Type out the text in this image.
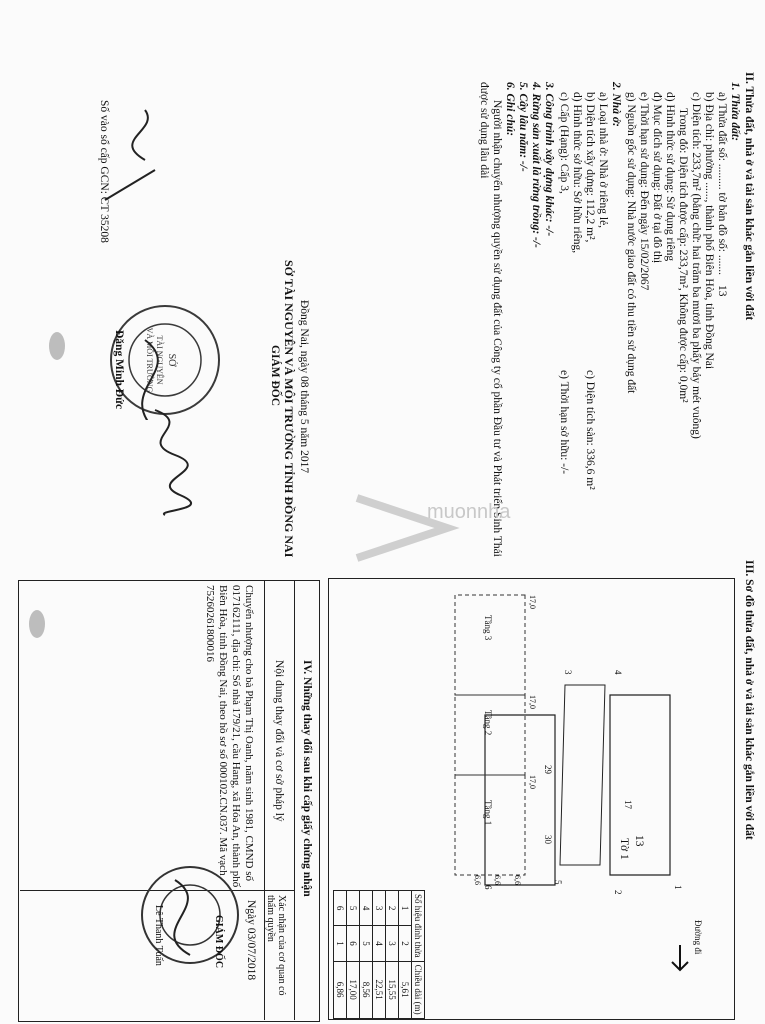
II. Thửa đất, nhà ở và tài sản khác gắn liền với đất
1. Thửa đất:
a) Thửa đất số: ......... tờ bản đồ số: .......
13
b) Địa chỉ: phường ......, thành phố Biên Hòa, tỉnh Đồng Nai
c) Diện tích: 233,7m² (bằng chữ: hai trăm ba mươi ba phẩy bảy mét vuông)
Trong đó: Diện tích được cấp: 233,7m², Không được cấp: 0,0m²
d) Hình thức sử dụng: Sử dụng riêng
đ) Mục đích sử dụng: Đất ở tại đô thị
e) Thời hạn sử dụng: Đến ngày 15/02/2067
g) Nguồn gốc sử dụng: Nhà nước giao đất có thu tiền sử dụng đất
2. Nhà ở:
a) Loại nhà ở: Nhà ở riêng lẻ,
b) Diện tích xây dựng: 112,2 m²,
c) Diện tích sàn: 336,6 m²
d) Hình thức sở hữu: Sở hữu riêng,
e) Thời hạn sở hữu: -/-
c) Cấp (Hạng): Cấp 3,
3. Công trình xây dựng khác: -/-
4. Rừng sản xuất là rừng trồng: -/-
5. Cây lâu năm: -/-
6. Ghi chú:
Người nhận chuyển nhượng quyền sử dụng đất của Công ty cổ phần Đầu tư và Phát triển Sinh Thái
được sử dụng lâu dài
Đồng Nai, ngày 08 tháng 5 năm 2017
SỞ TÀI NGUYÊN VÀ MÔI TRƯỜNG TỈNH ĐỒNG NAI
GIÁM ĐỐC
SỞ
TÀI NGUYÊN
VÀ MÔI TRƯỜNG
Đặng Minh Đức
Số vào sổ cấp GCN: CT 35208
muonnha
III. Sơ đồ thửa đất, nhà ở và tài sản khác gắn liền với đất
13
Tờ 1
Tầng 3
Tầng 2
Tầng 1
17,0
17,0
17,0
6,6
6,6
6,6
Đường đi
1
2
3	4
5
6
29
30
17
Số hiệu đỉnh thửa		Chiều dài (m)
1	2	5,61
2	3	15,55
3	4	22,51
4	5	8,56
5	6	17,00
6	1	6,86
IV. Những thay đổi sau khi cấp giấy chứng nhận
Nội dung thay đổi và cơ sở pháp lý
Xác nhận của cơ quan có thẩm quyền
Chuyển nhượng cho bà Phạm Thị Oanh, năm sinh 1981, CMND số
017162111, địa chỉ: Số nhà 179/21, cầu Hang, xã Hóa An, thành phố
Biên Hòa, tỉnh Đồng Nai, theo hồ sơ số 000102.CN.037. Mã vạch
75260261800016
Ngày 03/07/2018
GIÁM ĐỐC
Lê Thanh Tuấn
